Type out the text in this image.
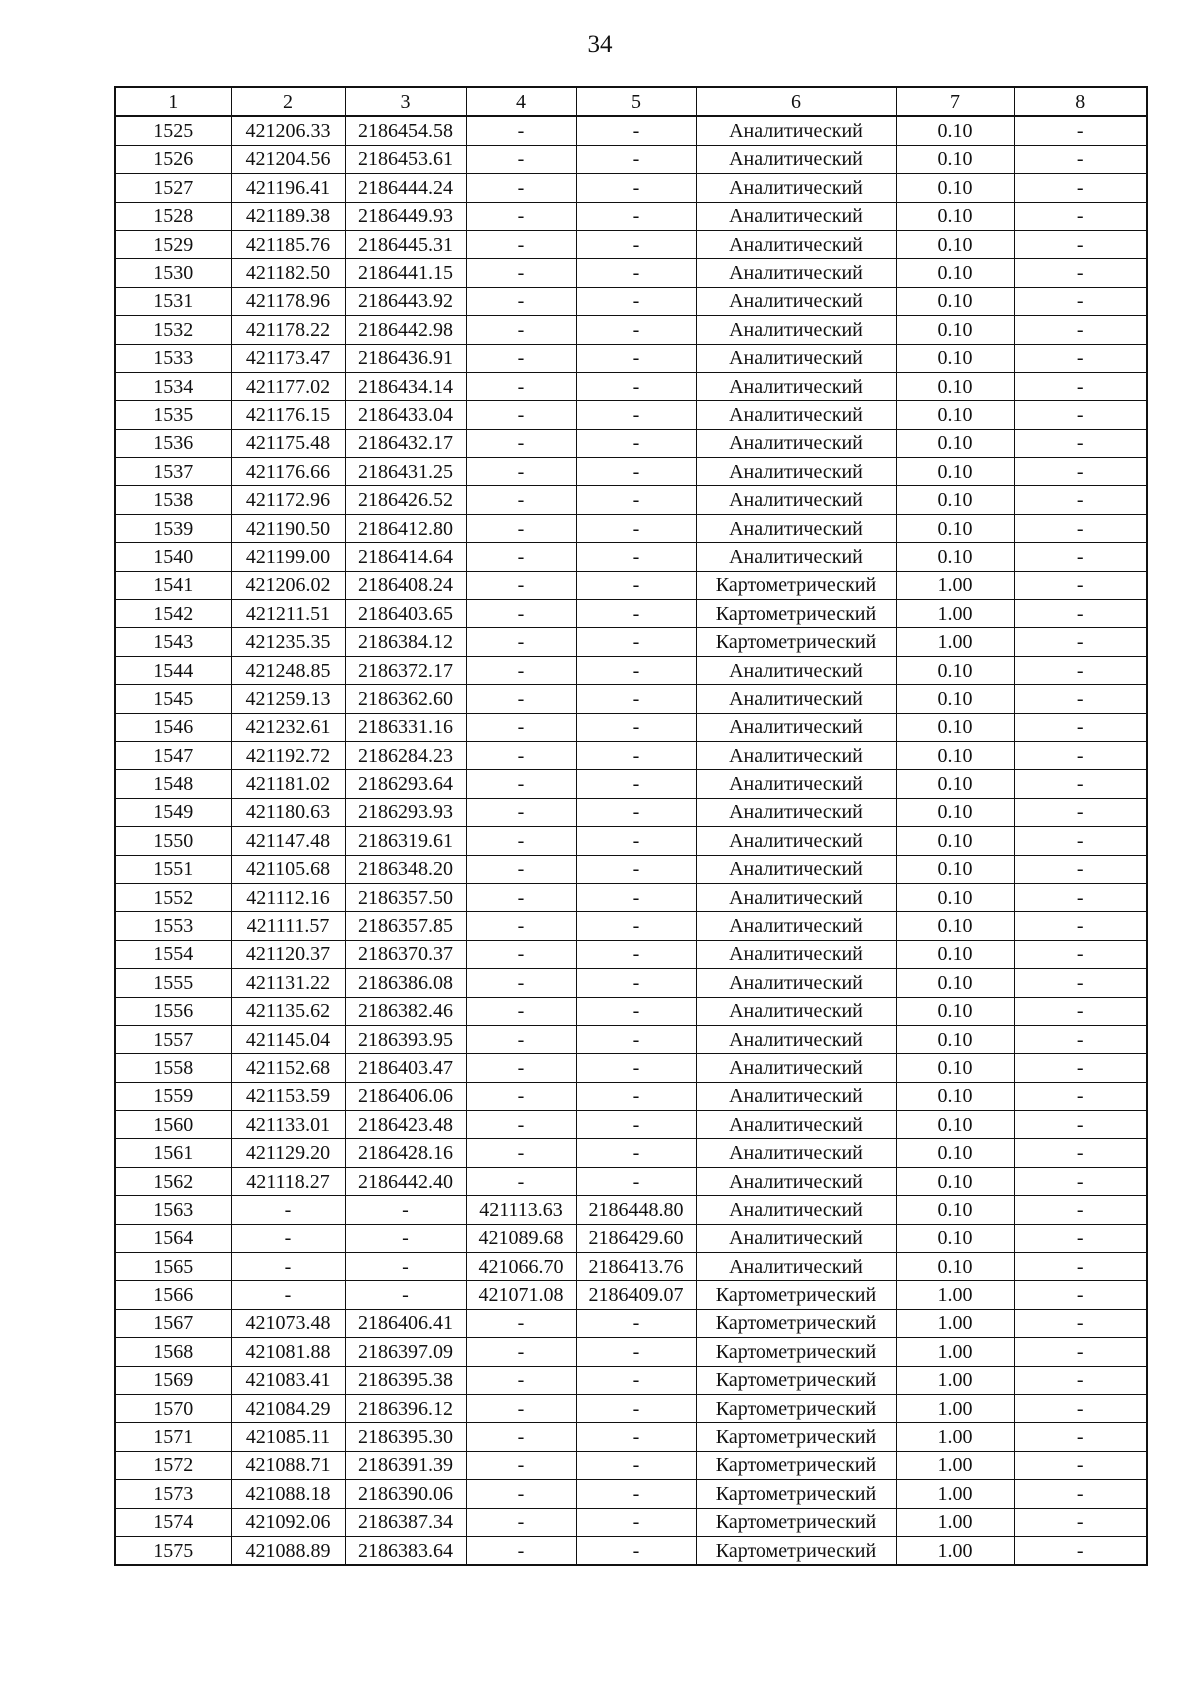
34
1	2	3	4	5	6	7	8
1525	421206.33	2186454.58	-	-	Аналитический	0.10	-
1526	421204.56	2186453.61	-	-	Аналитический	0.10	-
1527	421196.41	2186444.24	-	-	Аналитический	0.10	-
1528	421189.38	2186449.93	-	-	Аналитический	0.10	-
1529	421185.76	2186445.31	-	-	Аналитический	0.10	-
1530	421182.50	2186441.15	-	-	Аналитический	0.10	-
1531	421178.96	2186443.92	-	-	Аналитический	0.10	-
1532	421178.22	2186442.98	-	-	Аналитический	0.10	-
1533	421173.47	2186436.91	-	-	Аналитический	0.10	-
1534	421177.02	2186434.14	-	-	Аналитический	0.10	-
1535	421176.15	2186433.04	-	-	Аналитический	0.10	-
1536	421175.48	2186432.17	-	-	Аналитический	0.10	-
1537	421176.66	2186431.25	-	-	Аналитический	0.10	-
1538	421172.96	2186426.52	-	-	Аналитический	0.10	-
1539	421190.50	2186412.80	-	-	Аналитический	0.10	-
1540	421199.00	2186414.64	-	-	Аналитический	0.10	-
1541	421206.02	2186408.24	-	-	Картометрический	1.00	-
1542	421211.51	2186403.65	-	-	Картометрический	1.00	-
1543	421235.35	2186384.12	-	-	Картометрический	1.00	-
1544	421248.85	2186372.17	-	-	Аналитический	0.10	-
1545	421259.13	2186362.60	-	-	Аналитический	0.10	-
1546	421232.61	2186331.16	-	-	Аналитический	0.10	-
1547	421192.72	2186284.23	-	-	Аналитический	0.10	-
1548	421181.02	2186293.64	-	-	Аналитический	0.10	-
1549	421180.63	2186293.93	-	-	Аналитический	0.10	-
1550	421147.48	2186319.61	-	-	Аналитический	0.10	-
1551	421105.68	2186348.20	-	-	Аналитический	0.10	-
1552	421112.16	2186357.50	-	-	Аналитический	0.10	-
1553	421111.57	2186357.85	-	-	Аналитический	0.10	-
1554	421120.37	2186370.37	-	-	Аналитический	0.10	-
1555	421131.22	2186386.08	-	-	Аналитический	0.10	-
1556	421135.62	2186382.46	-	-	Аналитический	0.10	-
1557	421145.04	2186393.95	-	-	Аналитический	0.10	-
1558	421152.68	2186403.47	-	-	Аналитический	0.10	-
1559	421153.59	2186406.06	-	-	Аналитический	0.10	-
1560	421133.01	2186423.48	-	-	Аналитический	0.10	-
1561	421129.20	2186428.16	-	-	Аналитический	0.10	-
1562	421118.27	2186442.40	-	-	Аналитический	0.10	-
1563	-	-	421113.63	2186448.80	Аналитический	0.10	-
1564	-	-	421089.68	2186429.60	Аналитический	0.10	-
1565	-	-	421066.70	2186413.76	Аналитический	0.10	-
1566	-	-	421071.08	2186409.07	Картометрический	1.00	-
1567	421073.48	2186406.41	-	-	Картометрический	1.00	-
1568	421081.88	2186397.09	-	-	Картометрический	1.00	-
1569	421083.41	2186395.38	-	-	Картометрический	1.00	-
1570	421084.29	2186396.12	-	-	Картометрический	1.00	-
1571	421085.11	2186395.30	-	-	Картометрический	1.00	-
1572	421088.71	2186391.39	-	-	Картометрический	1.00	-
1573	421088.18	2186390.06	-	-	Картометрический	1.00	-
1574	421092.06	2186387.34	-	-	Картометрический	1.00	-
1575	421088.89	2186383.64	-	-	Картометрический	1.00	-
